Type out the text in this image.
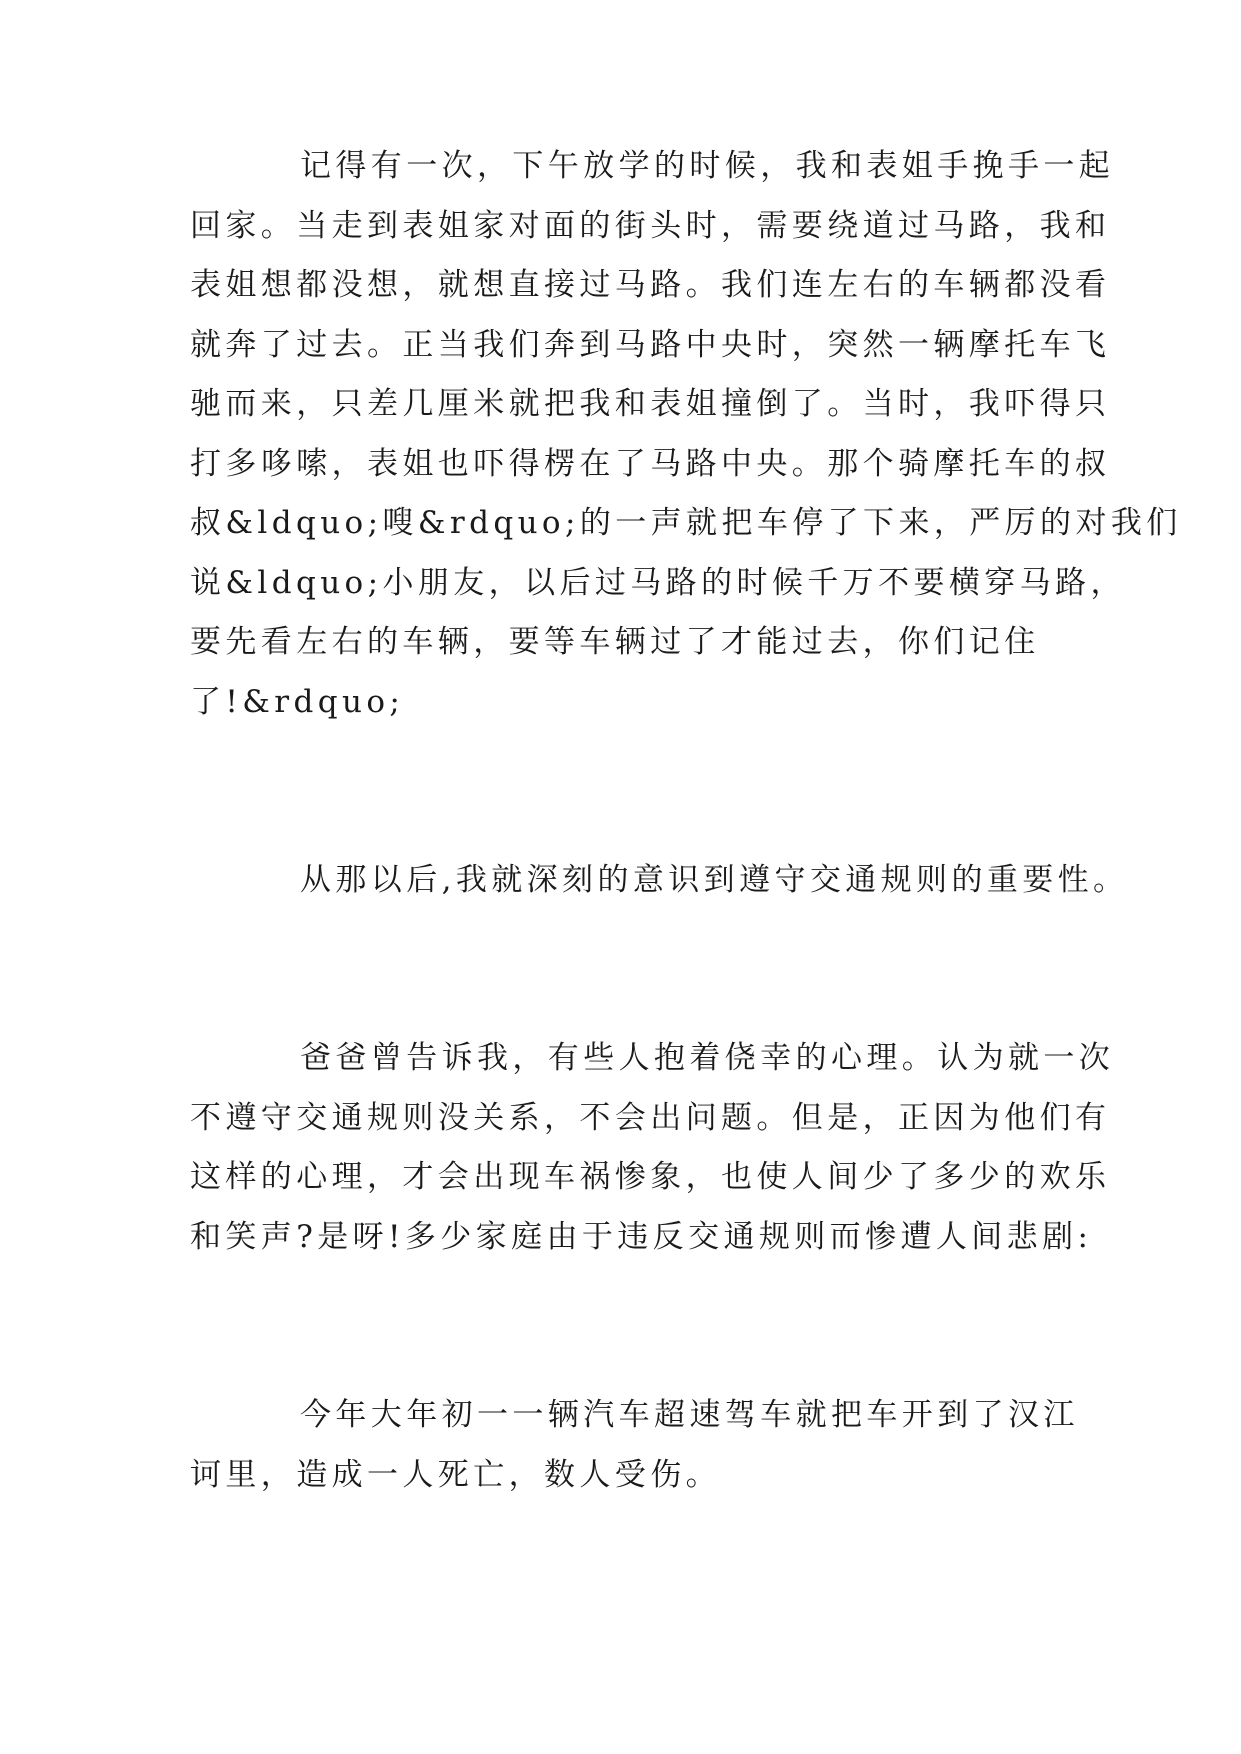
记得有一次，下午放学的时候，我和表姐手挽手一起
回家。当走到表姐家对面的街头时，需要绕道过马路，我和
表姐想都没想，就想直接过马路。我们连左右的车辆都没看
就奔了过去。正当我们奔到马路中央时，突然一辆摩托车飞
驰而来，只差几厘米就把我和表姐撞倒了。当时，我吓得只
打多哆嗦，表姐也吓得楞在了马路中央。那个骑摩托车的叔
叔&ldquo;嗖&rdquo;的一声就把车停了下来，严厉的对我们
说&ldquo;小朋友，以后过马路的时候千万不要横穿马路，
要先看左右的车辆，要等车辆过了才能过去，你们记住
了!&rdquo;
从那以后,我就深刻的意识到遵守交通规则的重要性。
爸爸曾告诉我，有些人抱着侥幸的心理。认为就一次
不遵守交通规则没关系，不会出问题。但是，正因为他们有
这样的心理，才会出现车祸惨象，也使人间少了多少的欢乐
和笑声?是呀!多少家庭由于违反交通规则而惨遭人间悲剧:
今年大年初一一辆汽车超速驾车就把车开到了汉江
诃里，造成一人死亡，数人受伤。
